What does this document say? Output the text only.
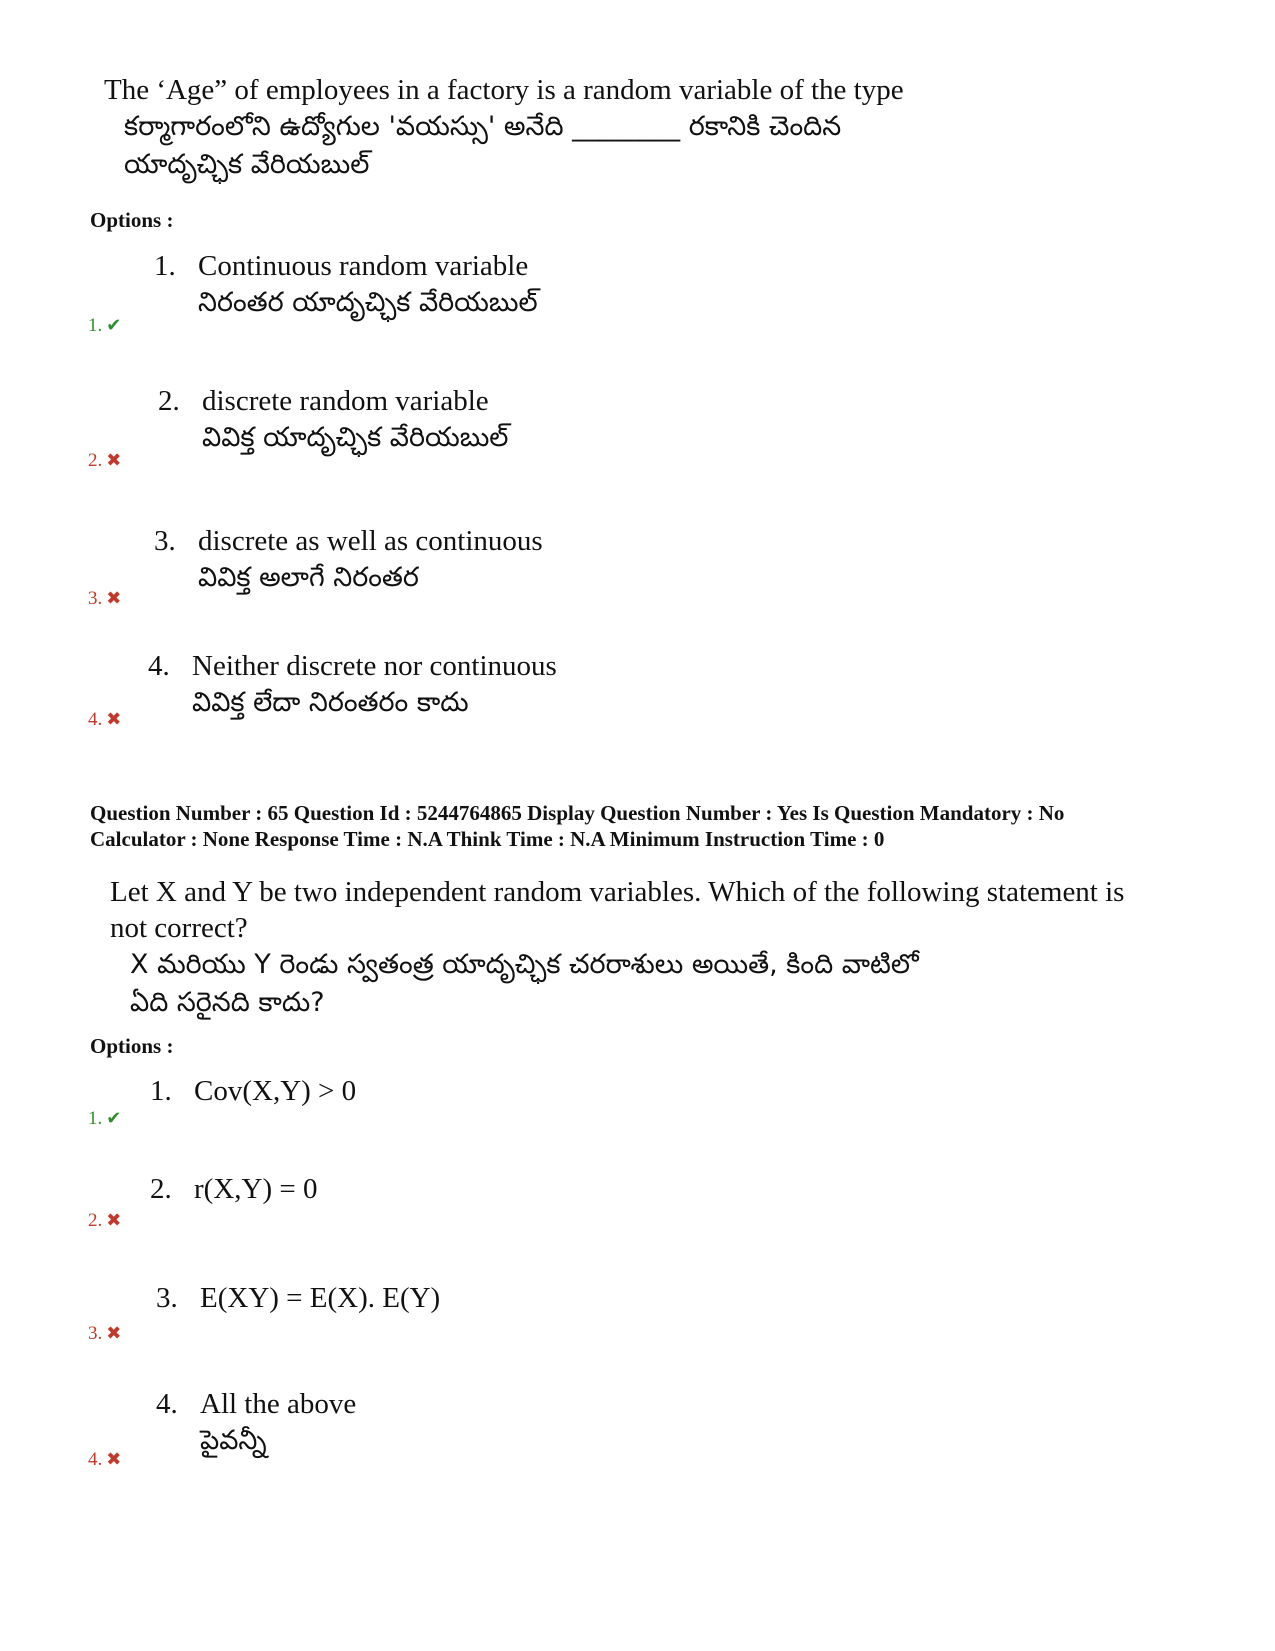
The ‘Age” of employees in a factory is a random variable of the type
కర్మాగారంలోని ఉద్యోగుల 'వయస్సు' అనేది ________ రకానికి చెందిన
యాదృచ్ఛిక వేరియబుల్
Options :
1. Continuous random variable
నిరంతర యాదృచ్ఛిక వేరియబుల్
1. ✔
2. discrete random variable
వివిక్త యాదృచ్ఛిక వేరియబుల్
2. ✖
3. discrete as well as continuous
వివిక్త అలాగే నిరంతర
3. ✖
4. Neither discrete nor continuous
వివిక్త లేదా నిరంతరం కాదు
4. ✖
Question Number : 65 Question Id : 5244764865 Display Question Number : Yes Is Question Mandatory : No
Calculator : None Response Time : N.A Think Time : N.A Minimum Instruction Time : 0
Let X and Y be two independent random variables. Which of the following statement is
not correct?
X మరియు Y రెండు స్వతంత్ర యాదృచ్ఛిక చరరాశులు అయితే, కింది వాటిలో
ఏది సరైనది కాదు?
Options :
1. Cov(X,Y) > 0
1. ✔
2. r(X,Y) = 0
2. ✖
3. E(XY) = E(X). E(Y)
3. ✖
4. All the above
పైవన్నీ
4. ✖
